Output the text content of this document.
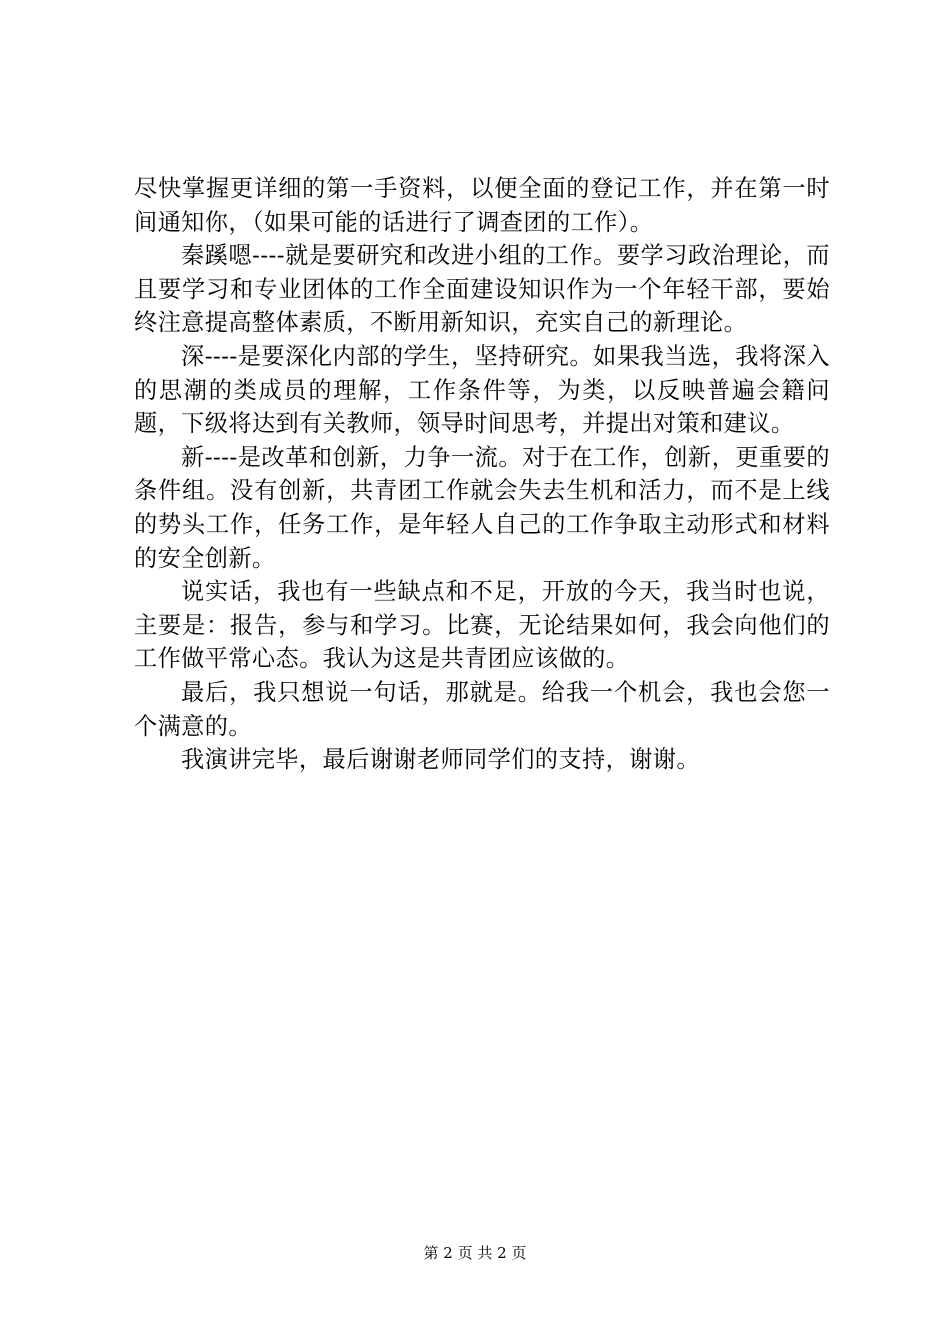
尽快掌握更详细的第一手资料，以便全面的登记工作，并在第一时间通知你，（如果可能的话进行了调查团的工作）。

秦蹊嗯----就是要研究和改进小组的工作。要学习政治理论，而且要学习和专业团体的工作全面建设知识作为一个年轻干部，要始终注意提高整体素质，不断用新知识，充实自己的新理论。

深----是要深化内部的学生，坚持研究。如果我当选，我将深入的思潮的类成员的理解，工作条件等，为类，以反映普遍会籍问题，下级将达到有关教师，领导时间思考，并提出对策和建议。

新----是改革和创新，力争一流。对于在工作，创新，更重要的条件组。没有创新，共青团工作就会失去生机和活力，而不是上线的势头工作，任务工作，是年轻人自己的工作争取主动形式和材料的安全创新。

说实话，我也有一些缺点和不足，开放的今天，我当时也说，主要是：报告，参与和学习。比赛，无论结果如何，我会向他们的工作做平常心态。我认为这是共青团应该做的。

最后，我只想说一句话，那就是。给我一个机会，我也会您一个满意的。

我演讲完毕，最后谢谢老师同学们的支持，谢谢。

第 2 页 共 2 页
